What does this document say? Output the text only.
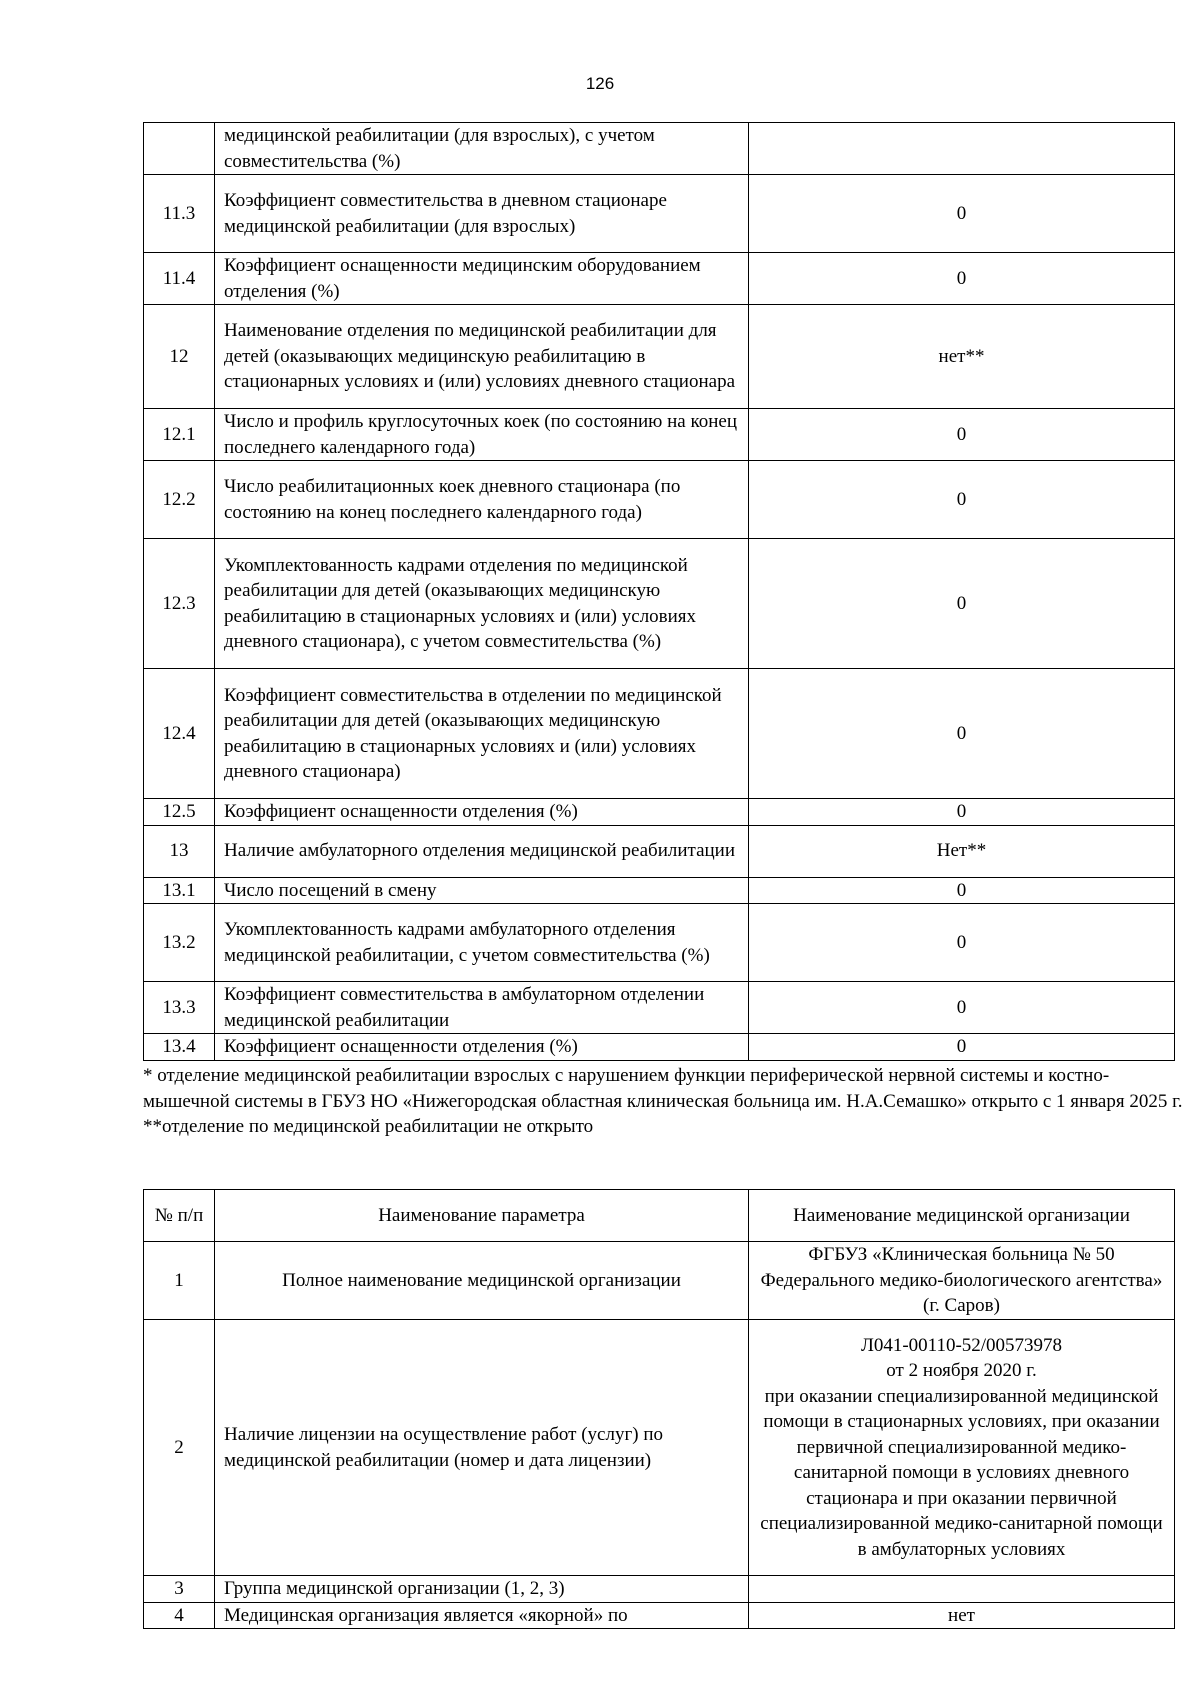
126
	медицинской реабилитации (для взрослых), с учетом совместительства (%)	
11.3	Коэффициент совместительства в дневном стационаре медицинской реабилитации (для взрослых)	0
11.4	Коэффициент оснащенности медицинским оборудованием отделения (%)	0
12	Наименование отделения по медицинской реабилитации для детей (оказывающих медицинскую реабилитацию в стационарных условиях и (или) условиях дневного стационара	нет**
12.1	Число и профиль круглосуточных коек (по состоянию на конец последнего календарного года)	0
12.2	Число реабилитационных коек дневного стационара (по состоянию на конец последнего календарного года)	0
12.3	Укомплектованность кадрами отделения по медицинской реабилитации для детей (оказывающих медицинскую реабилитацию в стационарных условиях и (или) условиях дневного стационара), с учетом совместительства (%)	0
12.4	Коэффициент совместительства в отделении по медицинской реабилитации для детей (оказывающих медицинскую реабилитацию в стационарных условиях и (или) условиях дневного стационара)	0
12.5	Коэффициент оснащенности отделения (%)	0
13	Наличие амбулаторного отделения медицинской реабилитации	Нет**
13.1	Число посещений в смену	0
13.2	Укомплектованность кадрами амбулаторного отделения медицинской реабилитации, с учетом совместительства (%)	0
13.3	Коэффициент совместительства в амбулаторном отделении медицинской реабилитации	0
13.4	Коэффициент оснащенности отделения (%)	0

* отделение медицинской реабилитации взрослых с нарушением функции периферической нервной системы и костно-мышечной системы в ГБУЗ НО «Нижегородская областная клиническая больница им. Н.А.Семашко» открыто с 1 января 2025 г.

**отделение по медицинской реабилитации не открыто

№ п/п	Наименование параметра	Наименование медицинской организации
1	Полное наименование медицинской организации	ФГБУЗ «Клиническая больница № 50 Федерального медико-биологического агентства» (г. Саров)
2	Наличие лицензии на осуществление работ (услуг) по медицинской реабилитации (номер и дата лицензии)	Л041-00110-52/00573978
от 2 ноября 2020 г.
при оказании специализированной медицинской помощи в стационарных условиях, при оказании первичной специализированной медико-санитарной помощи в условиях дневного стационара и при оказании первичной специализированной медико-санитарной помощи в амбулаторных условиях

3	Группа медицинской организации (1, 2, 3)	
4	Медицинская организация является «якорной» по	нет
